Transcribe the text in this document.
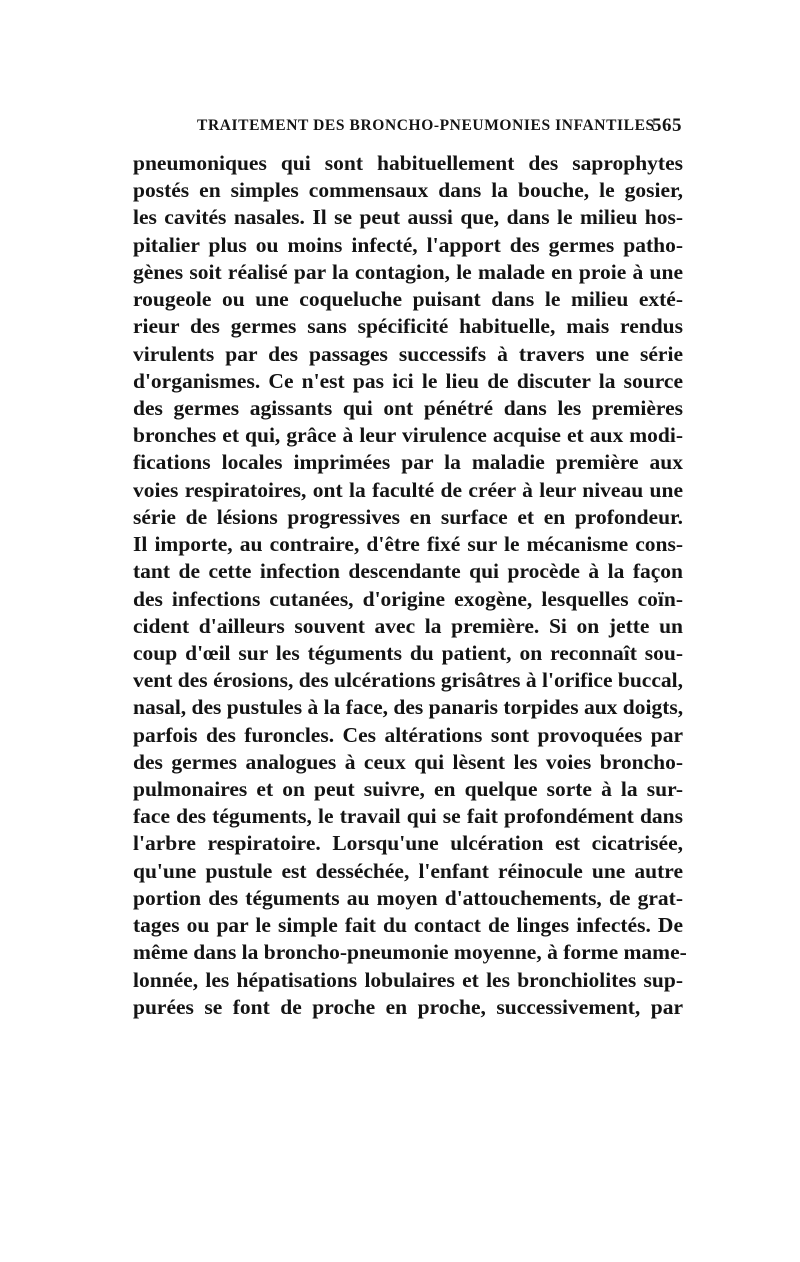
TRAITEMENT DES BRONCHO-PNEUMONIES INFANTILES
565
pneumoniques qui sont habituellement des saprophytes
postés en simples commensaux dans la bouche, le gosier,
les cavités nasales. Il se peut aussi que, dans le milieu hos-
pitalier plus ou moins infecté, l'apport des germes patho-
gènes soit réalisé par la contagion, le malade en proie à une
rougeole ou une coqueluche puisant dans le milieu exté-
rieur des germes sans spécificité habituelle, mais rendus
virulents par des passages successifs à travers une série
d'organismes. Ce n'est pas ici le lieu de discuter la source
des germes agissants qui ont pénétré dans les premières
bronches et qui, grâce à leur virulence acquise et aux modi-
fications locales imprimées par la maladie première aux
voies respiratoires, ont la faculté de créer à leur niveau une
série de lésions progressives en surface et en profondeur.
Il importe, au contraire, d'être fixé sur le mécanisme cons-
tant de cette infection descendante qui procède à la façon
des infections cutanées, d'origine exogène, lesquelles coïn-
cident d'ailleurs souvent avec la première. Si on jette un
coup d'œil sur les téguments du patient, on reconnaît sou-
vent des érosions, des ulcérations grisâtres à l'orifice buccal,
nasal, des pustules à la face, des panaris torpides aux doigts,
parfois des furoncles. Ces altérations sont provoquées par
des germes analogues à ceux qui lèsent les voies broncho-
pulmonaires et on peut suivre, en quelque sorte à la sur-
face des téguments, le travail qui se fait profondément dans
l'arbre respiratoire. Lorsqu'une ulcération est cicatrisée,
qu'une pustule est desséchée, l'enfant réinocule une autre
portion des téguments au moyen d'attouchements, de grat-
tages ou par le simple fait du contact de linges infectés. De
même dans la broncho-pneumonie moyenne, à forme mame-
lonnée, les hépatisations lobulaires et les bronchiolites sup-
purées se font de proche en proche, successivement, par
